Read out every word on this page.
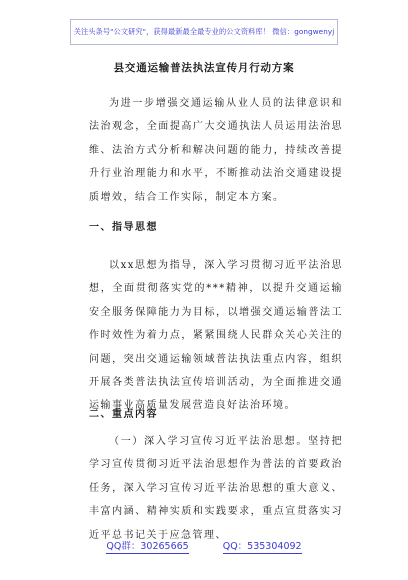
关注头条号"公文研究"，获得最新最全最专业的公文资料库！ 微信：gongwenyj
县交通运输普法执法宣传月行动方案

为进一步增强交通运输从业人员的法律意识和法治观念，全面提高广大交通执法人员运用法治思维、法治方式分析和解决问题的能力，持续改善提升行业治理能力和水平，不断推动法治交通建设提质增效，结合工作实际，制定本方案。

一、指导思想

以xx思想为指导，深入学习贯彻习近平法治思想，全面贯彻落实党的***精神，以提升交通运输安全服务保障能力为目标，以增强交通运输普法工作时效性为着力点，紧紧围绕人民群众关心关注的问题，突出交通运输领域普法执法重点内容，组织开展各类普法执法宣传培训活动，为全面推进交通运输事业高质量发展营造良好法治环境。

二、重点内容

（一）深入学习宣传习近平法治思想。坚持把学习宣传贯彻习近平法治思想作为普法的首要政治任务，深入学习宣传习近平法治思想的重大意义、丰富内涵、精神实质和实践要求，重点宣贯落实习近平总书记关于应急管理、

QQ群：30265665	QQ：535304092
